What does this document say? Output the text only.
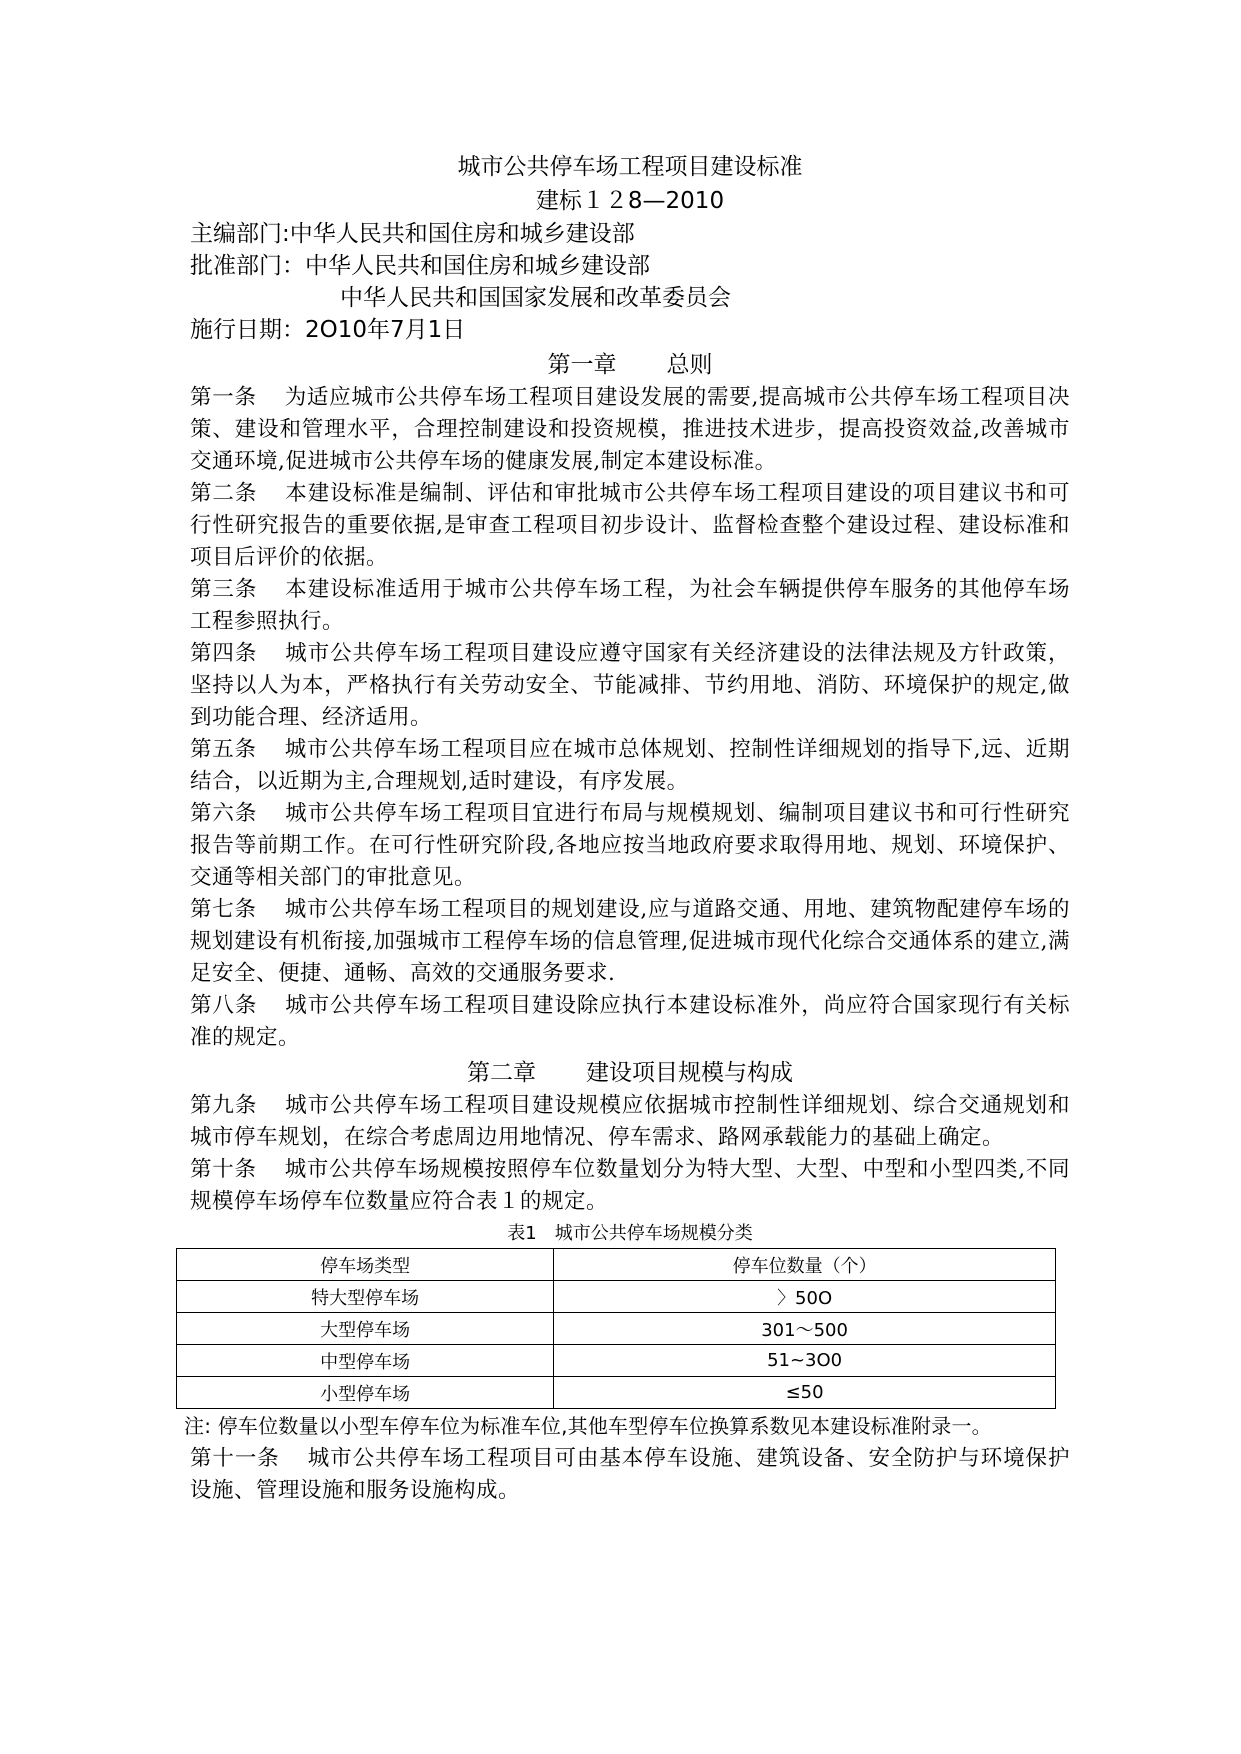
城市公共停车场工程项目建设标准
建标１２8—2010
主编部门:中华人民共和国住房和城乡建设部
批准部门：中华人民共和国住房和城乡建设部
中华人民共和国国家发展和改革委员会
施行日期：2О10年7月1日
第一章 总则
第一条 为适应城市公共停车场工程项目建设发展的需要,提高城市公共停车场工程项目决策、建设和管理水平，合理控制建设和投资规模，推进技术进步，提高投资效益,改善城市交通环境,促进城市公共停车场的健康发展,制定本建设标准。
第二条 本建设标准是编制、评估和审批城市公共停车场工程项目建设的项目建议书和可行性研究报告的重要依据,是审查工程项目初步设计、监督检查整个建设过程、建设标准和项目后评价的依据。
第三条 本建设标准适用于城市公共停车场工程，为社会车辆提供停车服务的其他停车场工程参照执行。
第四条 城市公共停车场工程项目建设应遵守国家有关经济建设的法律法规及方针政策，坚持以人为本，严格执行有关劳动安全、节能减排、节约用地、消防、环境保护的规定,做到功能合理、经济适用。
第五条 城市公共停车场工程项目应在城市总体规划、控制性详细规划的指导下,远、近期结合，以近期为主,合理规划,适时建设，有序发展。
第六条 城市公共停车场工程项目宜进行布局与规模规划、编制项目建议书和可行性研究报告等前期工作。在可行性研究阶段,各地应按当地政府要求取得用地、规划、环境保护、交通等相关部门的审批意见。
第七条 城市公共停车场工程项目的规划建设,应与道路交通、用地、建筑物配建停车场的规划建设有机衔接,加强城市工程停车场的信息管理,促进城市现代化综合交通体系的建立,满足安全、便捷、通畅、高效的交通服务要求.
第八条 城市公共停车场工程项目建设除应执行本建设标准外，尚应符合国家现行有关标准的规定。
第二章 建设项目规模与构成
第九条 城市公共停车场工程项目建设规模应依据城市控制性详细规划、综合交通规划和城市停车规划，在综合考虑周边用地情况、停车需求、路网承载能力的基础上确定。
第十条 城市公共停车场规模按照停车位数量划分为特大型、大型、中型和小型四类,不同规模停车场停车位数量应符合表１的规定。
表1　城市公共停车场规模分类
停车场类型	停车位数量（个）
特大型停车场	〉50О
大型停车场	301～500
中型停车场	51~3О0
小型停车场	≤50
注: 停车位数量以小型车停车位为标准车位,其他车型停车位换算系数见本建设标准附录一。
第十一条 城市公共停车场工程项目可由基本停车设施、建筑设备、安全防护与环境保护设施、管理设施和服务设施构成。
